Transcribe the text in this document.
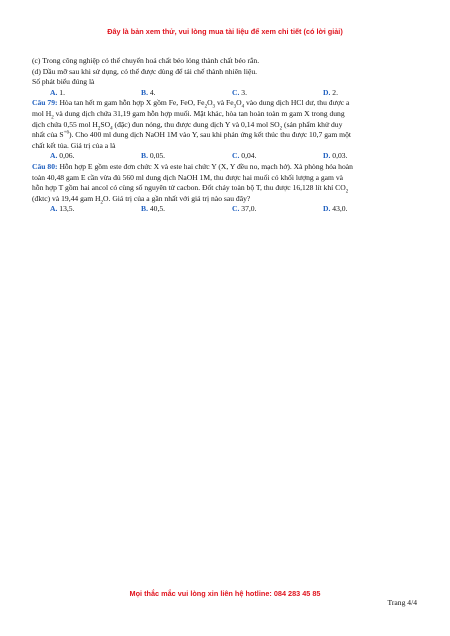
Đây là bản xem thử, vui lòng mua tài liệu để xem chi tiết (có lời giải)
(c) Trong công nghiệp có thể chuyển hoá chất béo lỏng thành chất béo rắn.
(d) Dầu mỡ sau khi sử dụng, có thể được dùng để tái chế thành nhiên liệu.
Số phát biểu đúng là
A. 1.	B. 4.	C. 3.	D. 2.
Câu 79: Hòa tan hết m gam hỗn hợp X gồm Fe, FeO, $Fe_2O_3$ và $Fe_3O_4$ vào dung dịch HCl dư, thu được a
mol $H_2$ và dung dịch chứa 31,19 gam hỗn hợp muối. Mặt khác, hòa tan hoàn toàn m gam X trong dung
dịch chứa 0,55 mol $H_2SO_4$ (đặc) đun nóng, thu được dung dịch Y và 0,14 mol $SO_2$ (sản phẩm khử duy
nhất của $S^{+6}$). Cho 400 ml dung dịch NaOH 1M vào Y, sau khi phản ứng kết thúc thu được 10,7 gam một
chất kết tủa. Giá trị của a là
A. 0,06.	B. 0,05.	C. 0,04.	D. 0,03.
Câu 80: Hỗn hợp E gồm este đơn chức X và este hai chức Y (X, Y đều no, mạch hở). Xà phòng hóa hoàn
toàn 40,48 gam E cần vừa đủ 560 ml dung dịch NaOH 1M, thu được hai muối có khối lượng a gam và
hỗn hợp T gồm hai ancol có cùng số nguyên tử cacbon. Đốt cháy toàn bộ T, thu được 16,128 lít khí $CO_2$
(đktc) và 19,44 gam $H_2O$. Giá trị của a gần nhất với giá trị nào sau đây?
A. 13,5.	B. 40,5.	C. 37,0.	D. 43,0.
Mọi thắc mắc vui lòng xin liên hệ hotline: 084 283 45 85
Trang 4/4
